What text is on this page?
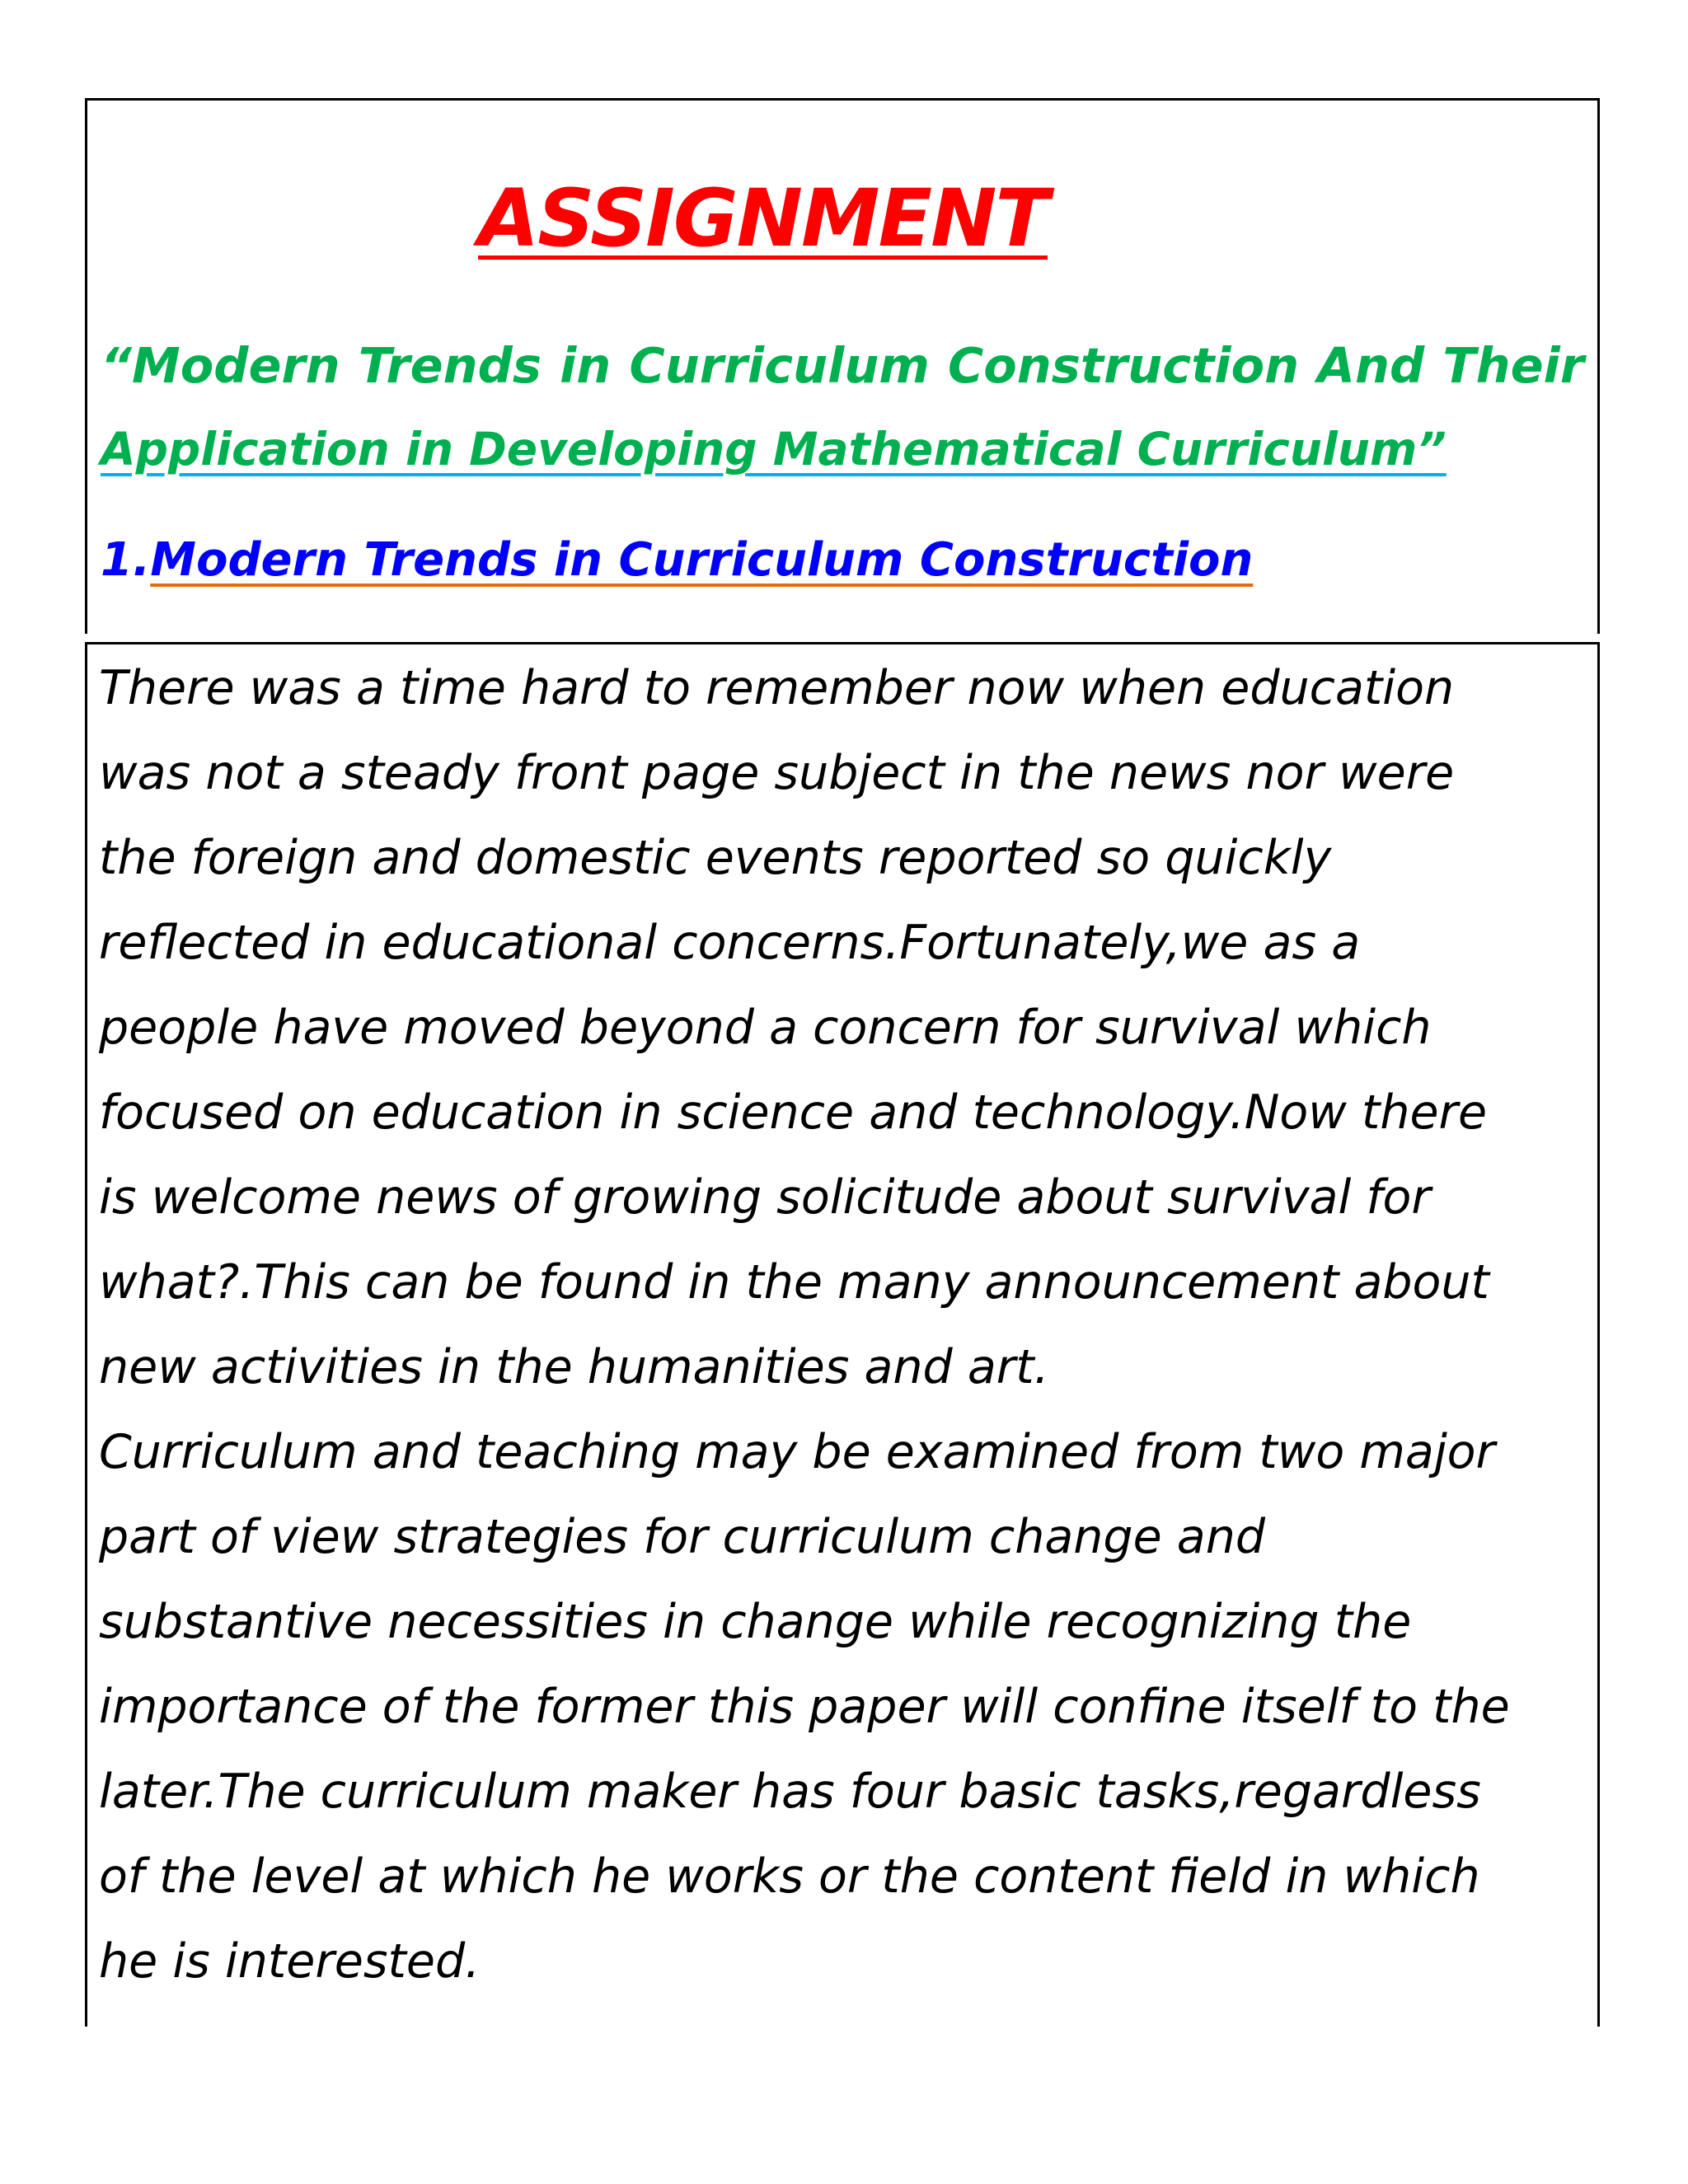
ASSIGNMENT
“Modern Trends in Curriculum Construction And Their
Application in Developing Mathematical Curriculum”
1.Modern Trends in Curriculum Construction
There was a time hard to remember now when education
was not a steady front page subject in the news nor were
the foreign and domestic events reported so quickly
reflected in educational concerns.Fortunately,we as a
people have moved beyond a concern for survival which
focused on education in science and technology.Now there
is welcome news of growing solicitude about survival for
what?.This can be found in the many announcement about
new activities in the humanities and art.
Curriculum and teaching may be examined from two major
part of view strategies for curriculum change and
substantive necessities in change while recognizing the
importance of the former this paper will confine itself to the
later.The curriculum maker has four basic tasks,regardless
of the level at which he works or the content field in which
he is interested.
